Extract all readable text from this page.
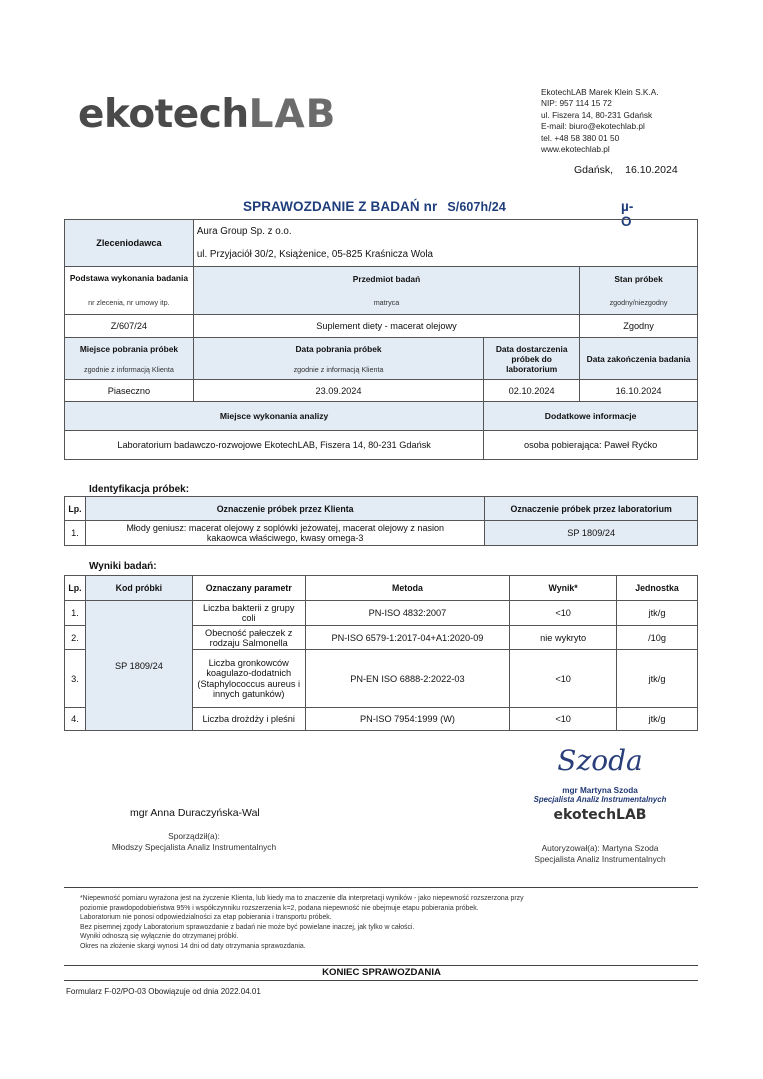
ekotechLAB	EkotechLAB Marek Klein S.K.A.
NIP: 957 114 15 72
ul. Fiszera 14, 80-231 Gdańsk
E-mail: biuro@ekotechlab.pl
tel. +48 58 380 01 50
www.ekotechlab.pl
Gdańsk, 16.10.2024
SPRAWOZDANIE Z BADAŃ nr S/607h/24	µ-O
Zleceniodawca	Aura Group Sp. z o.o.		
	ul. Przyjaciół 30/2, Książenice, 05-825 Kraśnicza Wola		
Podstawa wykonania badania	Przedmiot badań		Stan próbek
nr zlecenia, nr umowy itp.	matryca		zgodny/niezgodny
Z/607/24	Suplement diety - macerat olejowy		Zgodny
Miejsce pobrania próbek	Data pobrania próbek	Data dostarczenia próbek do laboratorium	Data zakończenia badania
zgodnie z informacją Klienta	zgodnie z informacją Klienta		
Piaseczno	23.09.2024	02.10.2024	16.10.2024
Miejsce wykonania analizy		Dodatkowe informacje	
Laboratorium badawczo-rozwojowe EkotechLAB, Fiszera 14, 80-231 Gdańsk		osoba pobierająca: Paweł Ryćko	
Identyfikacja próbek:
Lp.	Oznaczenie próbek przez Klienta	Oznaczenie próbek przez laboratorium
1.	Młody geniusz: macerat olejowy z soplówki jeżowatej, macerat olejowy z nasion kakaowca właściwego, kwasy omega-3	SP 1809/24
Wyniki badań:
Lp.	Kod próbki	Oznaczany parametr	Metoda	Wynik*	Jednostka
1.	SP 1809/24	Liczba bakterii z grupy coli	PN-ISO 4832:2007	<10	jtk/g
2.		Obecność pałeczek z rodzaju Salmonella	PN-ISO 6579-1:2017-04+A1:2020-09	nie wykryto	/10g
3.		Liczba gronkowców koagulazo-dodatnich (Staphylococcus aureus i innych gatunków)	PN-EN ISO 6888-2:2022-03	<10	jtk/g
4.		Liczba drożdży i pleśni	PN-ISO 7954:1999 (W)	<10	jtk/g
mgr Anna Duraczyńska-Wal
Sporządził(a):
Młodszy Specjalista Analiz Instrumentalnych
Szoda
mgr Martyna Szoda
Specjalista Analiz Instrumentalnych
ekotechLAB
Autoryzował(a): Martyna Szoda
Specjalista Analiz Instrumentalnych
*Niepewność pomiaru wyrażona jest na życzenie Klienta, lub kiedy ma to znaczenie dla interpretacji wyników - jako niepewność rozszerzona przy
poziomie prawdopodobieństwa 95% i współczynniku rozszerzenia k=2, podana niepewność nie obejmuje etapu pobierania próbek.
Laboratorium nie ponosi odpowiedzialności za etap pobierania i transportu próbek.
Bez pisemnej zgody Laboratorium sprawozdanie z badań nie może być powielane inaczej, jak tylko w całości.
Wyniki odnoszą się wyłącznie do otrzymanej próbki.
Okres na złożenie skargi wynosi 14 dni od daty otrzymania sprawozdania.
KONIEC SPRAWOZDANIA
Formularz F-02/PO-03 Obowiązuje od dnia 2022.04.01
